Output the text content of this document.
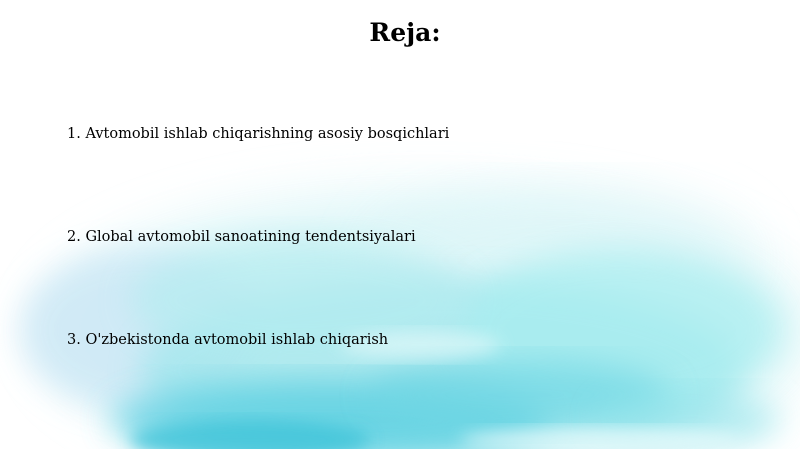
Reja:
1. Avtomobil ishlab chiqarishning asosiy bosqichlari
2. Global avtomobil sanoatining tendentsiyalari
3. O'zbekistonda avtomobil ishlab chiqarish
